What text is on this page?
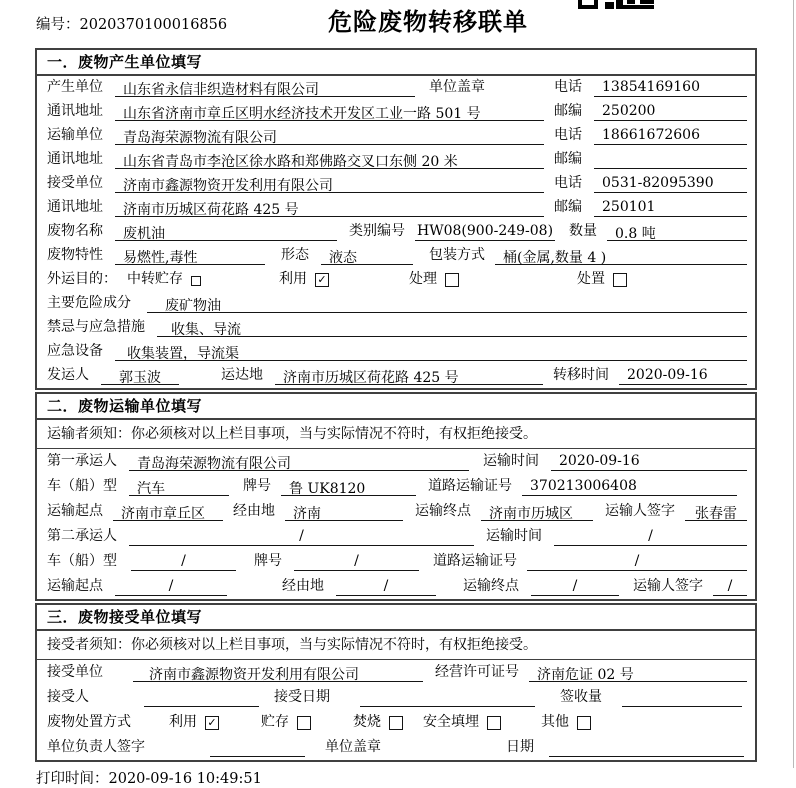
编号：2020370100016856	危险废物转移联单
一．废物产生单位填写
产生单位	山东省永信非织造材料有限公司	单位盖章	电话	13854169160
通讯地址	山东省济南市章丘区明水经济技术开发区工业一路 501 号	邮编	250200
运输单位	青岛海荣源物流有限公司	电话	18661672606
通讯地址	山东省青岛市李沧区徐水路和郑佛路交叉口东侧 20 米	邮编
接受单位	济南市鑫源物资开发利用有限公司	电话	0531-82095390
通讯地址	济南市历城区荷花路 425 号	邮编	250101
废物名称	废机油	类别编号 HW08(900-249-08) 数量	0.8 吨
废物特性	易燃性,毒性	形态	液态	包装方式	桶(金属,数量 4 )
外运目的： 中转贮存	利用 ✓	处理	处置
主要危险成分	废矿物油
禁忌与应急措施	收集、导流
应急设备	收集装置，导流渠
发运人	郭玉波	运达地	济南市历城区荷花路 425 号	转移时间	2020-09-16
二．废物运输单位填写
运输者须知：你必须核对以上栏目事项，当与实际情况不符时，有权拒绝接受。
第一承运人	青岛海荣源物流有限公司	运输时间	2020-09-16
车（船）型	汽车	牌号	鲁 UK8120	道路运输证号	370213006408
运输起点	济南市章丘区	经由地	济南	运输终点	济南市历城区	运输人签字	张春雷
第二承运人	/	运输时间	/
车（船）型	/	牌号	/	道路运输证号	/
运输起点	/	经由地	/	运输终点	/	运输人签字	/
三．废物接受单位填写
接受者须知：你必须核对以上栏目事项，当与实际情况不符时，有权拒绝接受。
接受单位	济南市鑫源物资开发利用有限公司	经营许可证号	济南危证 02 号
接受人	接受日期	签收量
废物处置方式	利用 ✓	贮存	焚烧	安全填埋	其他
单位负责人签字	单位盖章	日期
打印时间：2020-09-16 10:49:51
